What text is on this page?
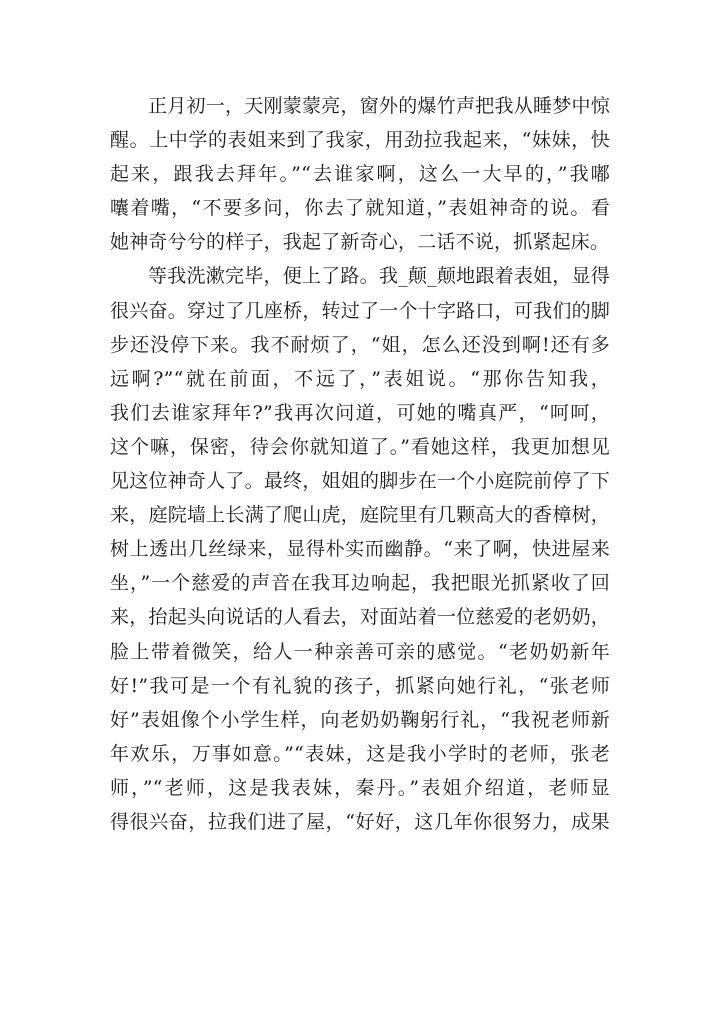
正月初一，天刚蒙蒙亮，窗外的爆竹声把我从睡梦中惊
醒。上中学的表姐来到了我家，用劲拉我起来，“妹妹，快
起来，跟我去拜年。”“去谁家啊，这么一大早的，”我嘟
囔着嘴，“不要多问，你去了就知道，”表姐神奇的说。看
她神奇兮兮的样子，我起了新奇心，二话不说，抓紧起床。
等我洗漱完毕，便上了路。我_颠_颠地跟着表姐，显得
很兴奋。穿过了几座桥，转过了一个十字路口，可我们的脚
步还没停下来。我不耐烦了，“姐，怎么还没到啊!还有多
远啊?”“就在前面，不远了，”表姐说。“那你告知我，
我们去谁家拜年?”我再次问道，可她的嘴真严，“呵呵，
这个嘛，保密，待会你就知道了。”看她这样，我更加想见
见这位神奇人了。最终，姐姐的脚步在一个小庭院前停了下
来，庭院墙上长满了爬山虎，庭院里有几颗高大的香樟树，
树上透出几丝绿来，显得朴实而幽静。“来了啊，快进屋来
坐，”一个慈爱的声音在我耳边响起，我把眼光抓紧收了回
来，抬起头向说话的人看去，对面站着一位慈爱的老奶奶，
脸上带着微笑，给人一种亲善可亲的感觉。“老奶奶新年
好!”我可是一个有礼貌的孩子，抓紧向她行礼，“张老师
好”表姐像个小学生样，向老奶奶鞠躬行礼，“我祝老师新
年欢乐，万事如意。”“表妹，这是我小学时的老师，张老
师，”“老师，这是我表妹，秦丹。”表姐介绍道，老师显
得很兴奋，拉我们进了屋，“好好，这几年你很努力，成果
